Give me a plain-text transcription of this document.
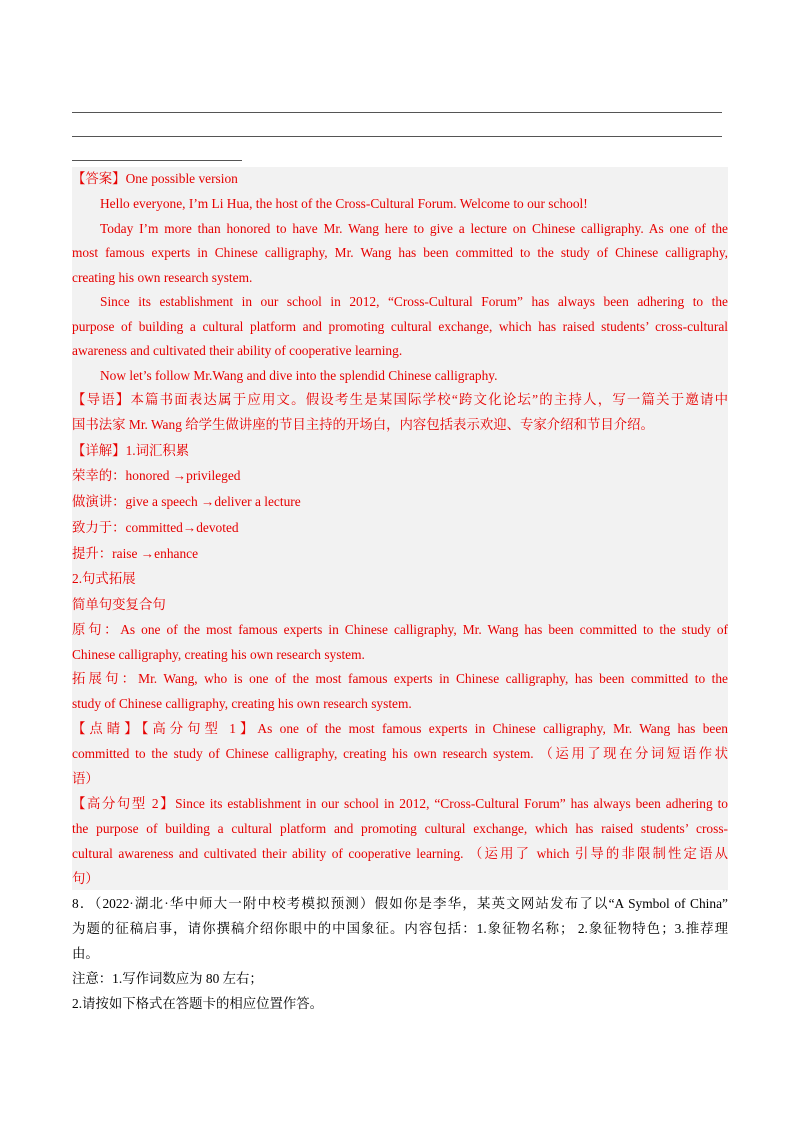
【答案】One possible version
Hello everyone, I’m Li Hua, the host of the Cross-Cultural Forum. Welcome to our school!
Today I’m more than honored to have Mr. Wang here to give a lecture on Chinese calligraphy. As one of the
most famous experts in Chinese calligraphy, Mr. Wang has been committed to the study of Chinese calligraphy,
creating his own research system.
Since its establishment in our school in 2012, “Cross-Cultural Forum” has always been adhering to the
purpose of building a cultural platform and promoting cultural exchange, which has raised students’ cross-cultural
awareness and cultivated their ability of cooperative learning.
Now let’s follow Mr.Wang and dive into the splendid Chinese calligraphy.
【导语】本篇书面表达属于应用文。假设考生是某国际学校“跨文化论坛”的主持人，写一篇关于邀请中
国书法家 Mr. Wang 给学生做讲座的节目主持的开场白，内容包括表示欢迎、专家介绍和节目介绍。
【详解】1.词汇积累
荣幸的：honored →privileged
做演讲：give a speech →deliver a lecture
致力于：committed→devoted
提升：raise →enhance
2.句式拓展
简单句变复合句
原句：As one of the most famous experts in Chinese calligraphy, Mr. Wang has been committed to the study of
Chinese calligraphy, creating his own research system.
拓展句：Mr. Wang, who is one of the most famous experts in Chinese calligraphy, has been committed to the
study of Chinese calligraphy, creating his own research system.
【点睛】【高分句型 1】As one of the most famous experts in Chinese calligraphy, Mr. Wang has been
committed to the study of Chinese calligraphy, creating his own research system. （运用了现在分词短语作状
语）
【高分句型 2】Since its establishment in our school in 2012, “Cross-Cultural Forum” has always been adhering to
the purpose of building a cultural platform and promoting cultural exchange, which has raised students’ cross-
cultural awareness and cultivated their ability of cooperative learning. （运用了 which 引导的非限制性定语从
句）
8．（2022·湖北·华中师大一附中校考模拟预测）假如你是李华，某英文网站发布了以“A Symbol of China”
为题的征稿启事，请你撰稿介绍你眼中的中国象征。内容包括：1.象征物名称； 2.象征物特色；3.推荐理
由。
注意：1.写作词数应为 80 左右；
2.请按如下格式在答题卡的相应位置作答。
